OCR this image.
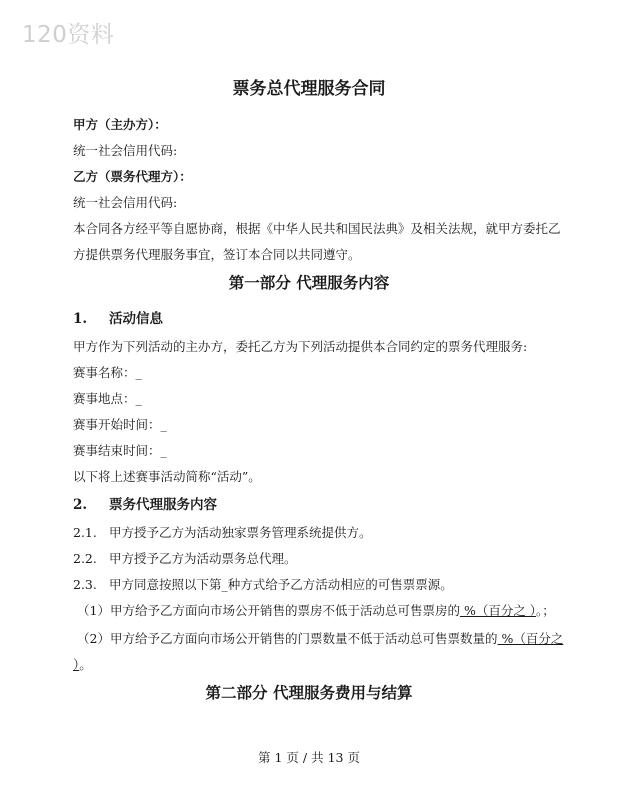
120资料
票务总代理服务合同
甲方（主办方）：
统一社会信用代码:
乙方（票务代理方）：
统一社会信用代码:
本合同各方经平等自愿协商，根据《中华人民共和国民法典》及相关法规，就甲方委托乙
方提供票务代理服务事宜，签订本合同以共同遵守。
第一部分 代理服务内容
1. 活动信息
甲方作为下列活动的主办方，委托乙方为下列活动提供本合同约定的票务代理服务:
赛事名称：_
赛事地点：_
赛事开始时间：_
赛事结束时间：_
以下将上述赛事活动简称“活动”。
2. 票务代理服务内容
2.1. 甲方授予乙方为活动独家票务管理系统提供方。
2.2. 甲方授予乙方为活动票务总代理。
2.3. 甲方同意按照以下第_种方式给予乙方活动相应的可售票票源。
（1）甲方给予乙方面向市场公开销售的票房不低于活动总可售票房的 %（百分之 ）。；
（2）甲方给予乙方面向市场公开销售的门票数量不低于活动总可售票数量的 %（百分之
）。
第二部分 代理服务费用与结算
第 1 页 / 共 13 页
